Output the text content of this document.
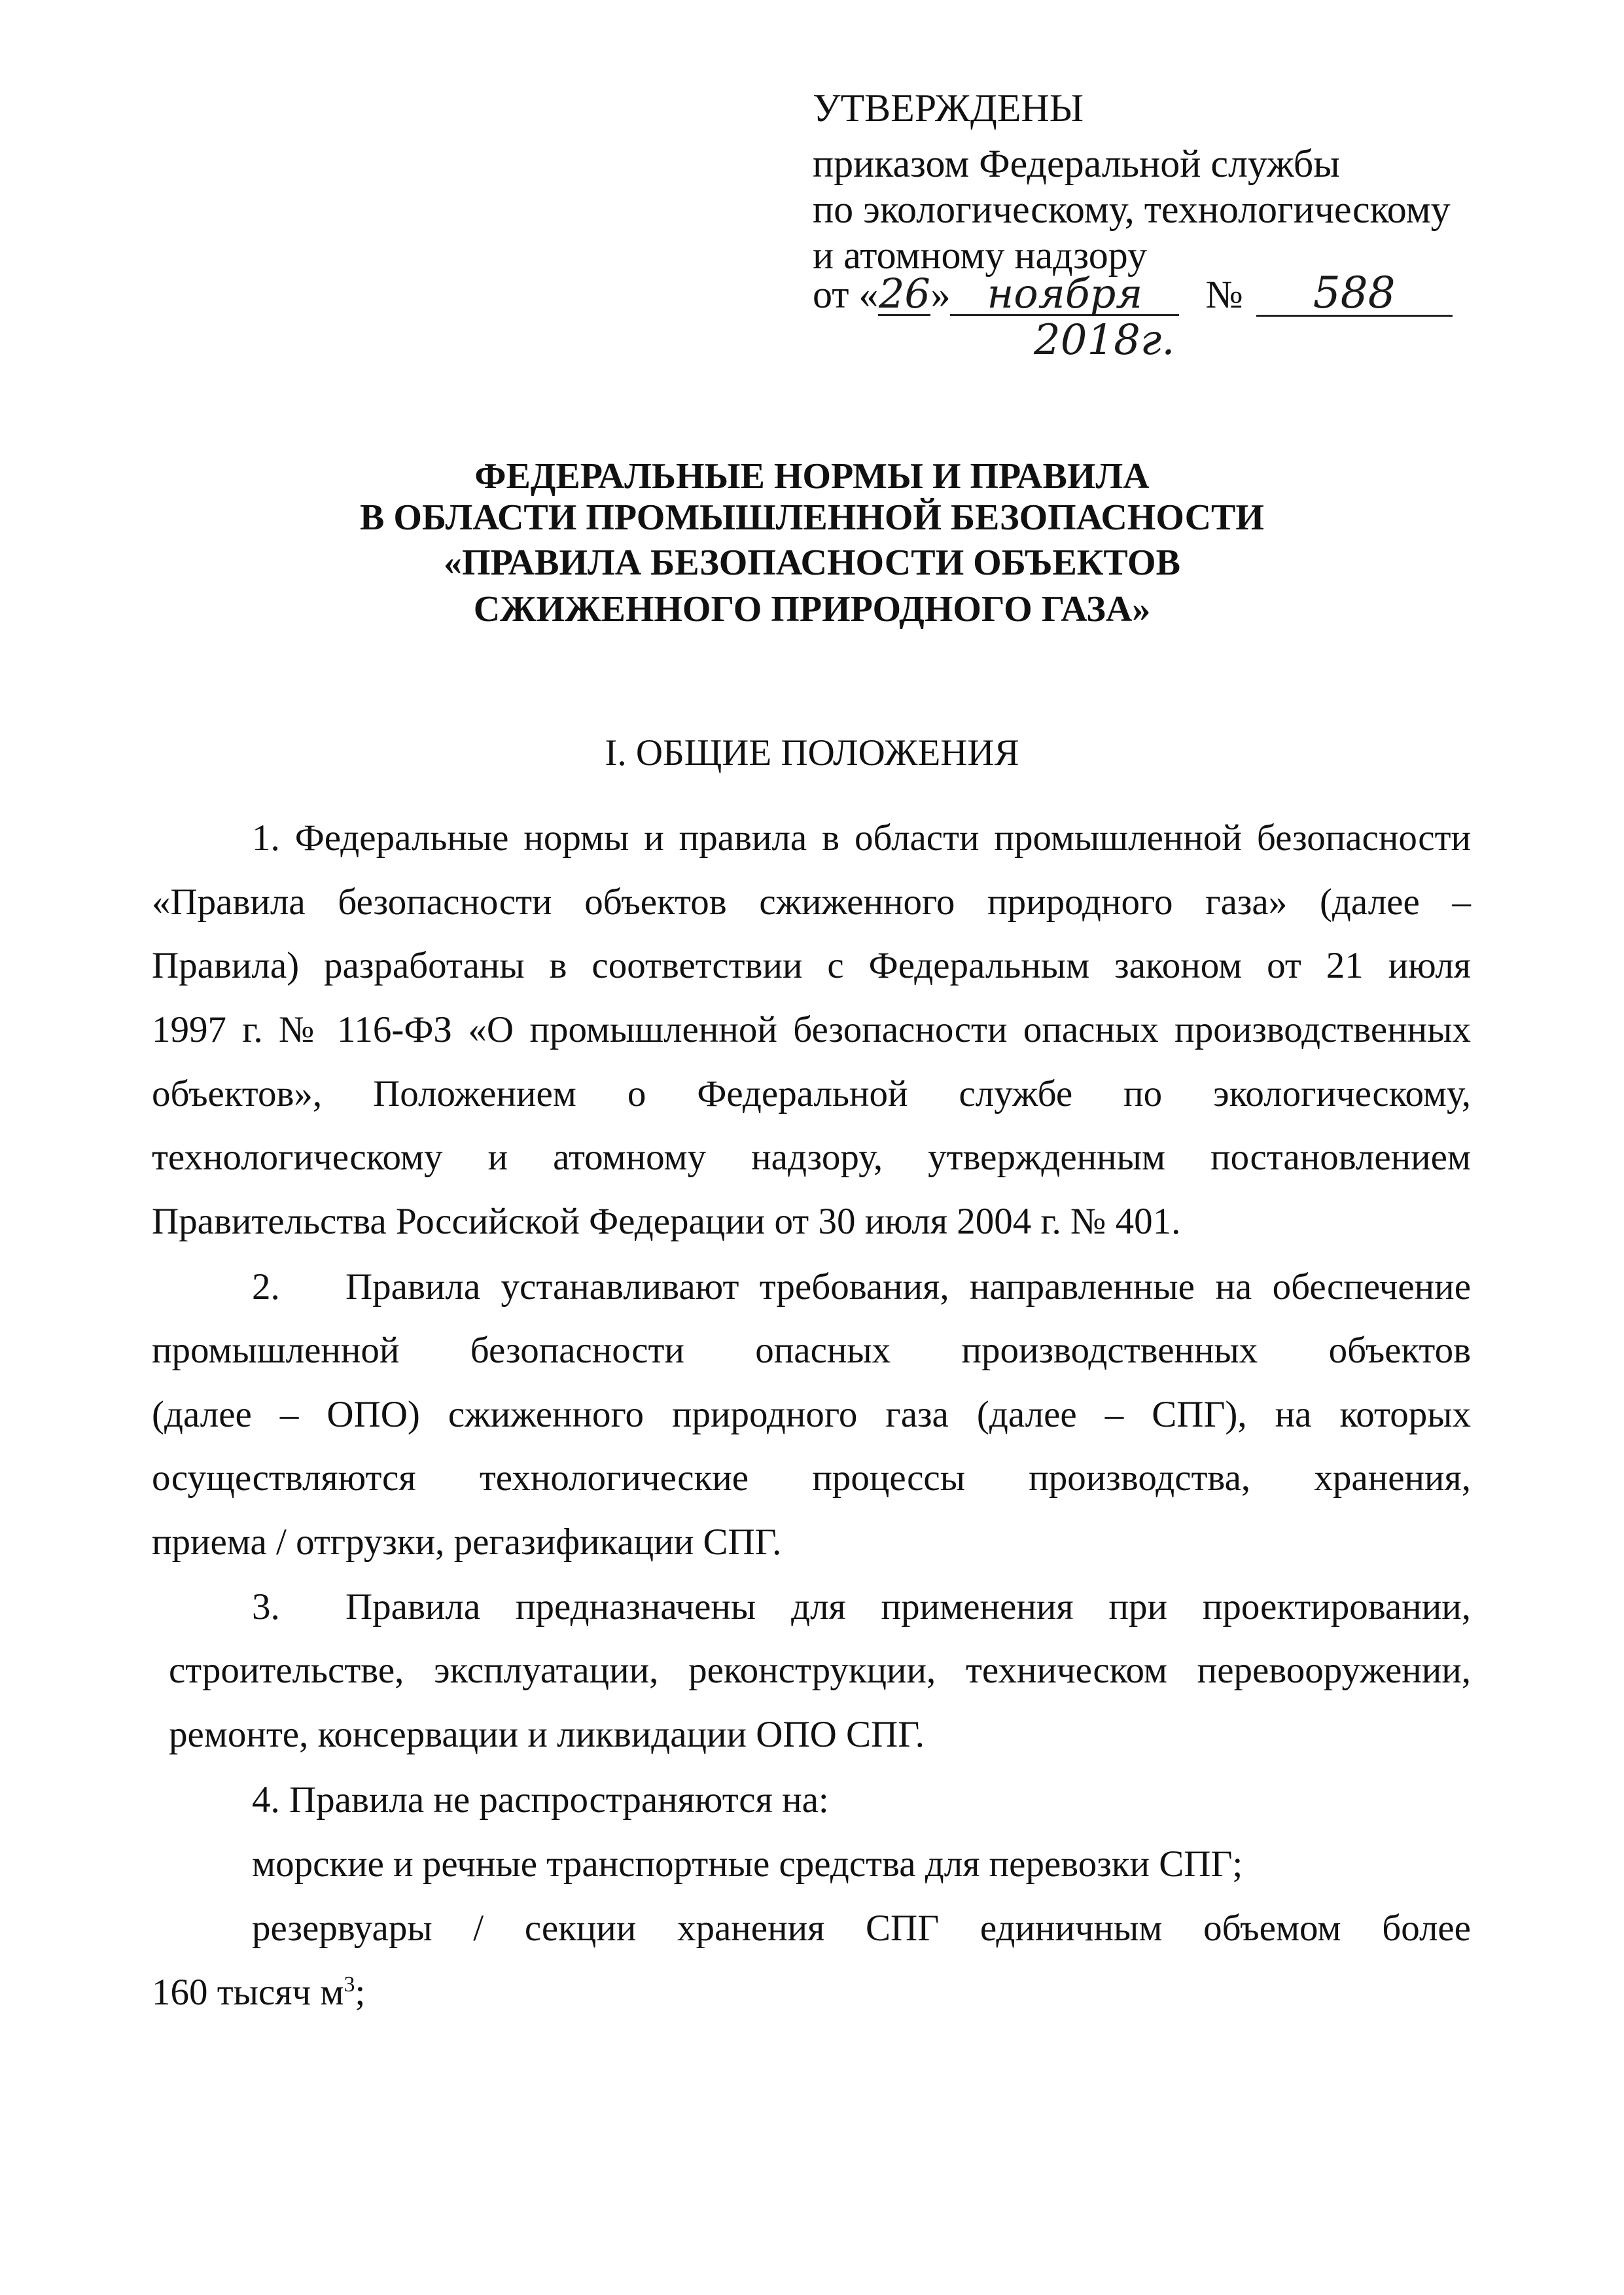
УТВЕРЖДЕНЫ
приказом Федеральной службы
по экологическому, технологическому
и атомному надзору
от «26» ноября № 588
2018г.
ФЕДЕРАЛЬНЫЕ НОРМЫ И ПРАВИЛА
В ОБЛАСТИ ПРОМЫШЛЕННОЙ БЕЗОПАСНОСТИ
«ПРАВИЛА БЕЗОПАСНОСТИ ОБЪЕКТОВ
СЖИЖЕННОГО ПРИРОДНОГО ГАЗА»
I. ОБЩИЕ ПОЛОЖЕНИЯ
1. Федеральные нормы и правила в области промышленной безопасности
«Правила безопасности объектов сжиженного природного газа» (далее –
Правила) разработаны в соответствии с Федеральным законом от 21 июля
1997 г. № 116-ФЗ «О промышленной безопасности опасных производственных
объектов», Положением о Федеральной службе по экологическому,
технологическому и атомному надзору, утвержденным постановлением
Правительства Российской Федерации от 30 июля 2004 г. № 401.
2. Правила устанавливают требования, направленные на обеспечение
промышленной безопасности опасных производственных объектов
(далее – ОПО) сжиженного природного газа (далее – СПГ), на которых
осуществляются технологические процессы производства, хранения,
приема / отгрузки, регазификации СПГ.
3. Правила предназначены для применения при проектировании,
строительстве, эксплуатации, реконструкции, техническом перевооружении,
ремонте, консервации и ликвидации ОПО СПГ.
4. Правила не распространяются на:
морские и речные транспортные средства для перевозки СПГ;
резервуары / секции хранения СПГ единичным объемом более
160 тысяч $м^3$;
